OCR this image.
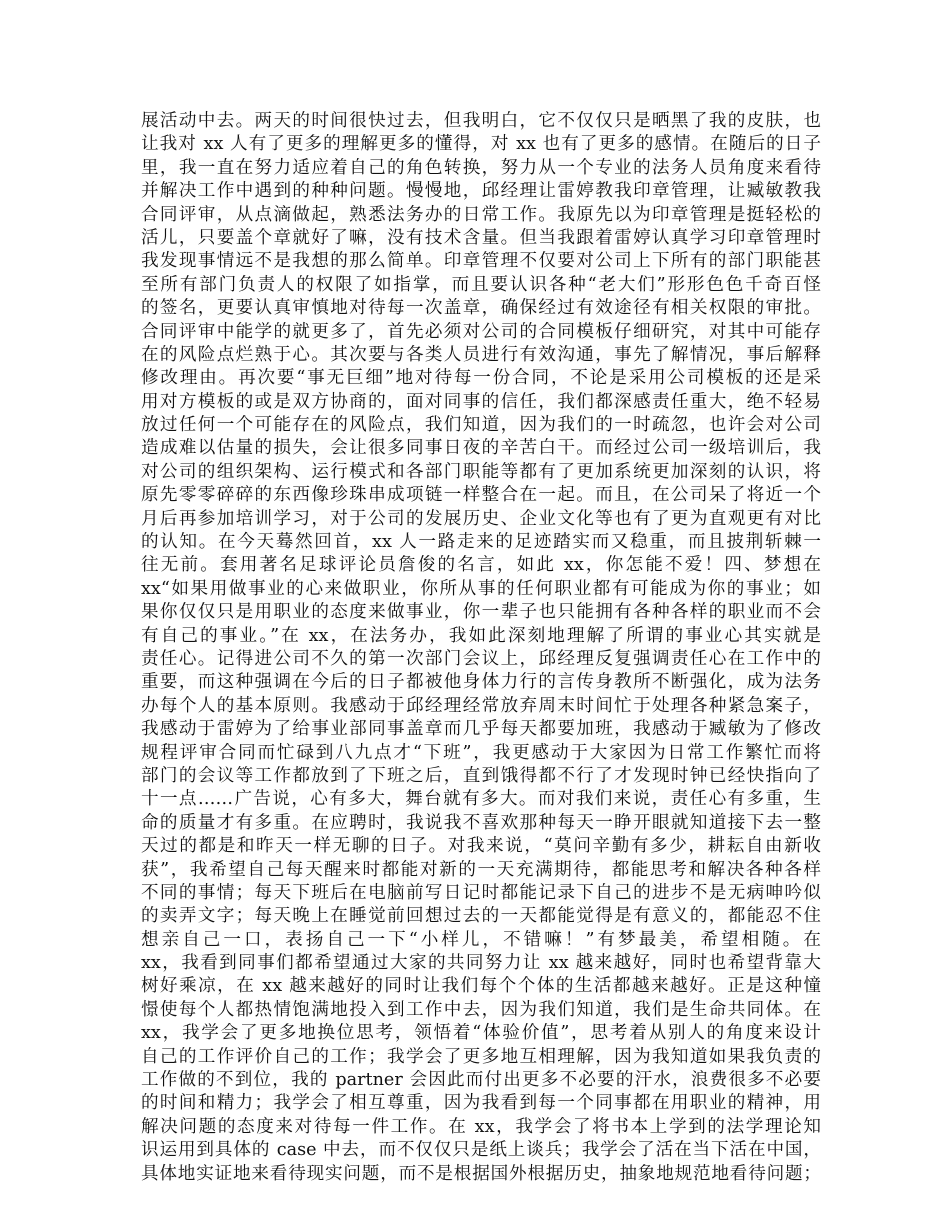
展活动中去。两天的时间很快过去，但我明白，它不仅仅只是晒黑了我的皮肤，也
让我对 xx 人有了更多的理解更多的懂得，对 xx 也有了更多的感情。在随后的日子
里，我一直在努力适应着自己的角色转换，努力从一个专业的法务人员角度来看待
并解决工作中遇到的种种问题。慢慢地，邱经理让雷婷教我印章管理，让臧敏教我
合同评审，从点滴做起，熟悉法务办的日常工作。我原先以为印章管理是挺轻松的
活儿，只要盖个章就好了嘛，没有技术含量。但当我跟着雷婷认真学习印章管理时
我发现事情远不是我想的那么简单。印章管理不仅要对公司上下所有的部门职能甚
至所有部门负责人的权限了如指掌，而且要认识各种“老大们”形形色色千奇百怪
的签名，更要认真审慎地对待每一次盖章，确保经过有效途径有相关权限的审批。
合同评审中能学的就更多了，首先必须对公司的合同模板仔细研究，对其中可能存
在的风险点烂熟于心。其次要与各类人员进行有效沟通，事先了解情况，事后解释
修改理由。再次要“事无巨细”地对待每一份合同，不论是采用公司模板的还是采
用对方模板的或是双方协商的，面对同事的信任，我们都深感责任重大，绝不轻易
放过任何一个可能存在的风险点，我们知道，因为我们的一时疏忽，也许会对公司
造成难以估量的损失，会让很多同事日夜的辛苦白干。而经过公司一级培训后，我
对公司的组织架构、运行模式和各部门职能等都有了更加系统更加深刻的认识，将
原先零零碎碎的东西像珍珠串成项链一样整合在一起。而且，在公司呆了将近一个
月后再参加培训学习，对于公司的发展历史、企业文化等也有了更为直观更有对比
的认知。在今天蓦然回首，xx 人一路走来的足迹踏实而又稳重，而且披荆斩棘一
往无前。套用著名足球评论员詹俊的名言，如此 xx，你怎能不爱！四、梦想在
xx“如果用做事业的心来做职业，你所从事的任何职业都有可能成为你的事业；如
果你仅仅只是用职业的态度来做事业，你一辈子也只能拥有各种各样的职业而不会
有自己的事业。”在 xx，在法务办，我如此深刻地理解了所谓的事业心其实就是
责任心。记得进公司不久的第一次部门会议上，邱经理反复强调责任心在工作中的
重要，而这种强调在今后的日子都被他身体力行的言传身教所不断强化，成为法务
办每个人的基本原则。我感动于邱经理经常放弃周末时间忙于处理各种紧急案子，
我感动于雷婷为了给事业部同事盖章而几乎每天都要加班，我感动于臧敏为了修改
规程评审合同而忙碌到八九点才“下班”，我更感动于大家因为日常工作繁忙而将
部门的会议等工作都放到了下班之后，直到饿得都不行了才发现时钟已经快指向了
十一点……广告说，心有多大，舞台就有多大。而对我们来说，责任心有多重，生
命的质量才有多重。在应聘时，我说我不喜欢那种每天一睁开眼就知道接下去一整
天过的都是和昨天一样无聊的日子。对我来说，“莫问辛勤有多少，耕耘自由新收
获”，我希望自己每天醒来时都能对新的一天充满期待，都能思考和解决各种各样
不同的事情；每天下班后在电脑前写日记时都能记录下自己的进步不是无病呻吟似
的卖弄文字；每天晚上在睡觉前回想过去的一天都能觉得是有意义的，都能忍不住
想亲自己一口，表扬自己一下“小样儿，不错嘛！”有梦最美，希望相随。在
xx，我看到同事们都希望通过大家的共同努力让 xx 越来越好，同时也希望背靠大
树好乘凉，在 xx 越来越好的同时让我们每个个体的生活都越来越好。正是这种憧
憬使每个人都热情饱满地投入到工作中去，因为我们知道，我们是生命共同体。在
xx，我学会了更多地换位思考，领悟着“体验价值”，思考着从别人的角度来设计
自己的工作评价自己的工作；我学会了更多地互相理解，因为我知道如果我负责的
工作做的不到位，我的 partner 会因此而付出更多不必要的汗水，浪费很多不必要
的时间和精力；我学会了相互尊重，因为我看到每一个同事都在用职业的精神，用
解决问题的态度来对待每一件工作。在 xx，我学会了将书本上学到的法学理论知
识运用到具体的 case 中去，而不仅仅只是纸上谈兵；我学会了活在当下活在中国，
具体地实证地来看待现实问题，而不是根据国外根据历史，抽象地规范地看待问题；
